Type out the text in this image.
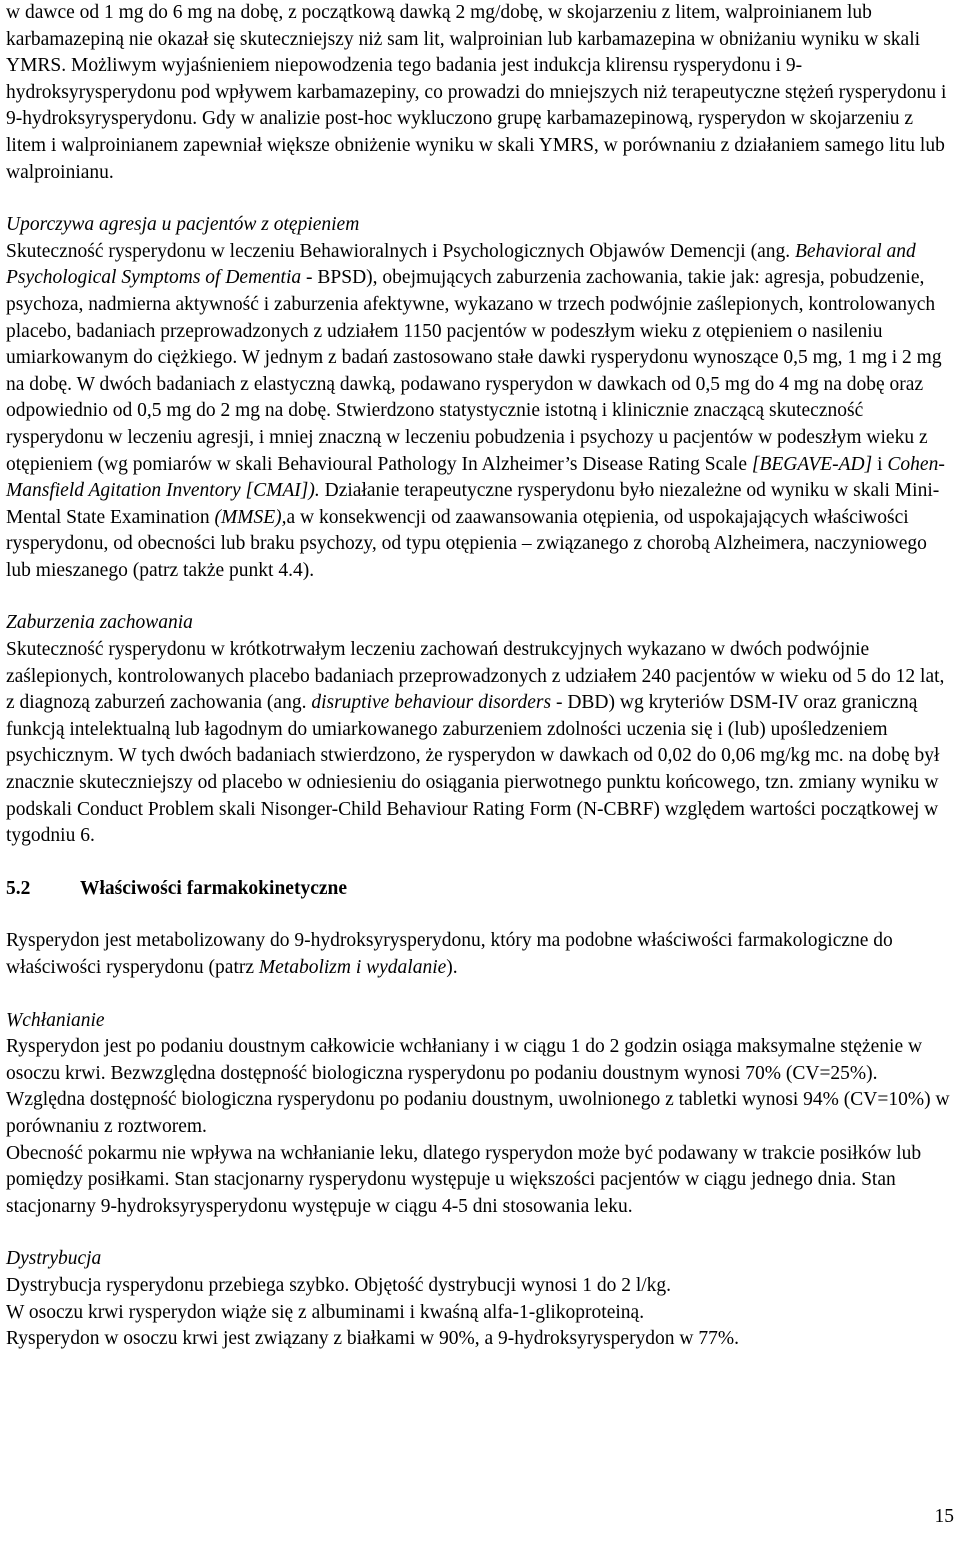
w dawce od 1 mg do 6 mg na dobę, z początkową dawką 2 mg/dobę, w skojarzeniu z litem, walproinianem lub karbamazepiną nie okazał się skuteczniejszy niż sam lit, walproinian lub karbamazepina w obniżaniu wyniku w skali YMRS. Możliwym wyjaśnieniem niepowodzenia tego badania jest indukcja klirensu rysperydonu i 9-hydroksyrysperydonu pod wpływem karbamazepiny, co prowadzi do mniejszych niż terapeutyczne stężeń rysperydonu i 9-hydroksyrysperydonu. Gdy w analizie post-hoc wykluczono grupę karbamazepinową, rysperydon w skojarzeniu z litem i walproinianem zapewniał większe obniżenie wyniku w skali YMRS, w porównaniu z działaniem samego litu lub walproinianu.

Uporczywa agresja u pacjentów z otępieniem

Skuteczność rysperydonu w leczeniu Behawioralnych i Psychologicznych Objawów Demencji (ang. Behavioral and Psychological Symptoms of Dementia - BPSD), obejmujących zaburzenia zachowania, takie jak: agresja, pobudzenie, psychoza, nadmierna aktywność i zaburzenia afektywne, wykazano w trzech podwójnie zaślepionych, kontrolowanych placebo, badaniach przeprowadzonych z udziałem 1150 pacjentów w podeszłym wieku z otępieniem o nasileniu umiarkowanym do ciężkiego. W jednym z badań zastosowano stałe dawki rysperydonu wynoszące 0,5 mg, 1 mg i 2 mg na dobę. W dwóch badaniach z elastyczną dawką, podawano rysperydon w dawkach od 0,5 mg do 4 mg na dobę oraz odpowiednio od 0,5 mg do 2 mg na dobę. Stwierdzono statystycznie istotną i klinicznie znaczącą skuteczność rysperydonu w leczeniu agresji, i mniej znaczną w leczeniu pobudzenia i psychozy u pacjentów w podeszłym wieku z otępieniem (wg pomiarów w skali Behavioural Pathology In Alzheimer’s Disease Rating Scale [BEGAVE-AD] i Cohen-Mansfield Agitation Inventory [CMAI]). Działanie terapeutyczne rysperydonu było niezależne od wyniku w skali Mini-Mental State Examination (MMSE),a w konsekwencji od zaawansowania otępienia, od uspokajających właściwości rysperydonu, od obecności lub braku psychozy, od typu otępienia – związanego z chorobą Alzheimera, naczyniowego lub mieszanego (patrz także punkt 4.4).

Zaburzenia zachowania

Skuteczność rysperydonu w krótkotrwałym leczeniu zachowań destrukcyjnych wykazano w dwóch podwójnie zaślepionych, kontrolowanych placebo badaniach przeprowadzonych z udziałem 240 pacjentów w wieku od 5 do 12 lat, z diagnozą zaburzeń zachowania (ang. disruptive behaviour disorders - DBD) wg kryteriów DSM-IV oraz graniczną funkcją intelektualną lub łagodnym do umiarkowanego zaburzeniem zdolności uczenia się i (lub) upośledzeniem psychicznym. W tych dwóch badaniach stwierdzono, że rysperydon w dawkach od 0,02 do 0,06 mg/kg mc. na dobę był znacznie skuteczniejszy od placebo w odniesieniu do osiągania pierwotnego punktu końcowego, tzn. zmiany wyniku w podskali Conduct Problem skali Nisonger-Child Behaviour Rating Form (N-CBRF) względem wartości początkowej w tygodniu 6.

5.2	Właściwości farmakokinetyczne

Rysperydon jest metabolizowany do 9-hydroksyrysperydonu, który ma podobne właściwości farmakologiczne do właściwości rysperydonu (patrz Metabolizm i wydalanie).

Wchłanianie

Rysperydon jest po podaniu doustnym całkowicie wchłaniany i w ciągu 1 do 2 godzin osiąga maksymalne stężenie w osoczu krwi. Bezwzględna dostępność biologiczna rysperydonu po podaniu doustnym wynosi 70% (CV=25%). Względna dostępność biologiczna rysperydonu po podaniu doustnym, uwolnionego z tabletki wynosi 94% (CV=10%) w porównaniu z roztworem.

Obecność pokarmu nie wpływa na wchłanianie leku, dlatego rysperydon może być podawany w trakcie posiłków lub pomiędzy posiłkami. Stan stacjonarny rysperydonu występuje u większości pacjentów w ciągu jednego dnia. Stan stacjonarny 9-hydroksyrysperydonu występuje w ciągu 4-5 dni stosowania leku.

Dystrybucja

Dystrybucja rysperydonu przebiega szybko. Objętość dystrybucji wynosi 1 do 2 l/kg.

W osoczu krwi rysperydon wiąże się z albuminami i kwaśną alfa-1-glikoproteiną.

Rysperydon w osoczu krwi jest związany z białkami w 90%, a 9-hydroksyrysperydon w 77%.

15
